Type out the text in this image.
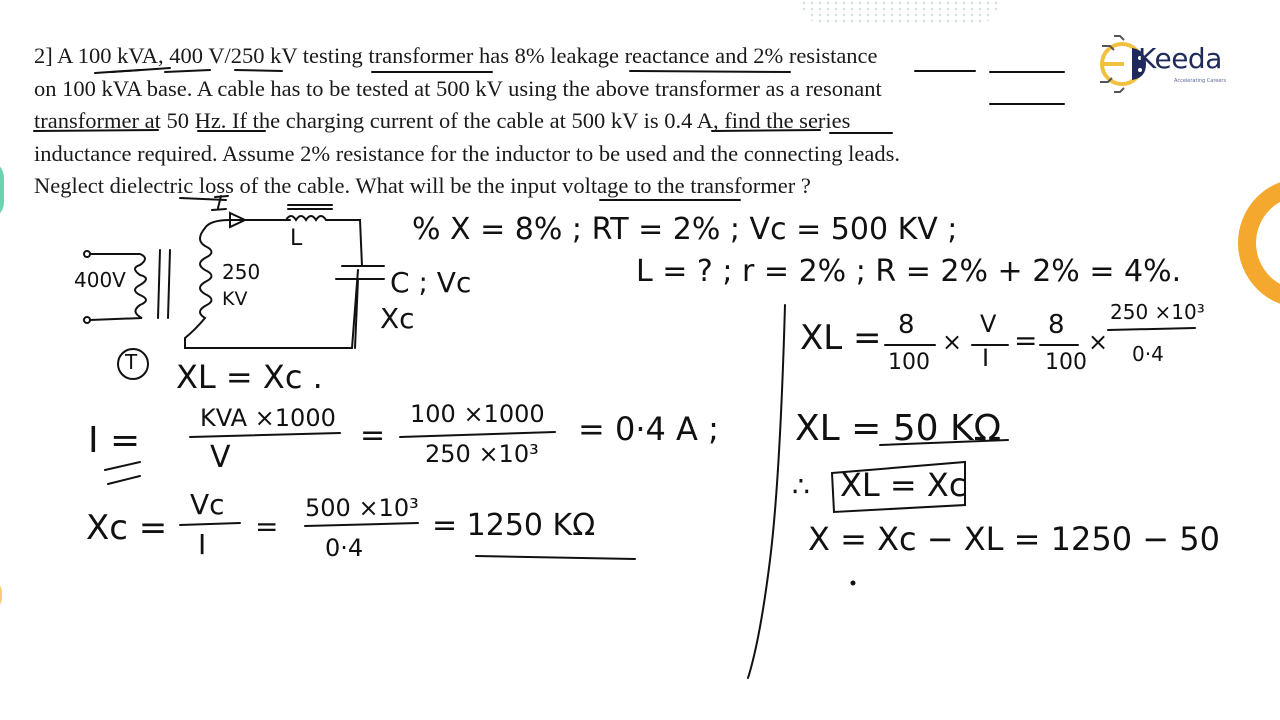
2] A 100 kVA, 400 V/250 kV testing transformer has 8% leakage reactance and 2% resistance

on 100 kVA base. A cable has to be tested at 500 kV using the above transformer as a resonant

transformer at 50 Hz. If the charging current of the cable at 500 kV is 0.4 A, find the series

inductance required. Assume 2% resistance for the inductor to be used and the connecting leads.

Neglect dielectric loss of the cable. What will be the input voltage to the transformer ?

Keeda
Accelerating Careers
400V	250
KV
L
C ; Vc
Xc
T XL = Xc .
% X = 8% ; RT = 2% ; Vc = 500 KV ;
L = ? ; r = 2% ; R = 2% + 2% = 4%.
I =
KVA ×1000
V
=
100 ×1000
250 ×10³
= 0·4 A ;
Xc =
Vc
I
=
500 ×10³
0·4
= 1250 KΩ
XL = 8
100
×
V
I
= 8
100
×
250 ×10³
0·4
XL = 50 KΩ
∴ XL = Xc
X = Xc − XL = 1250 − 50
